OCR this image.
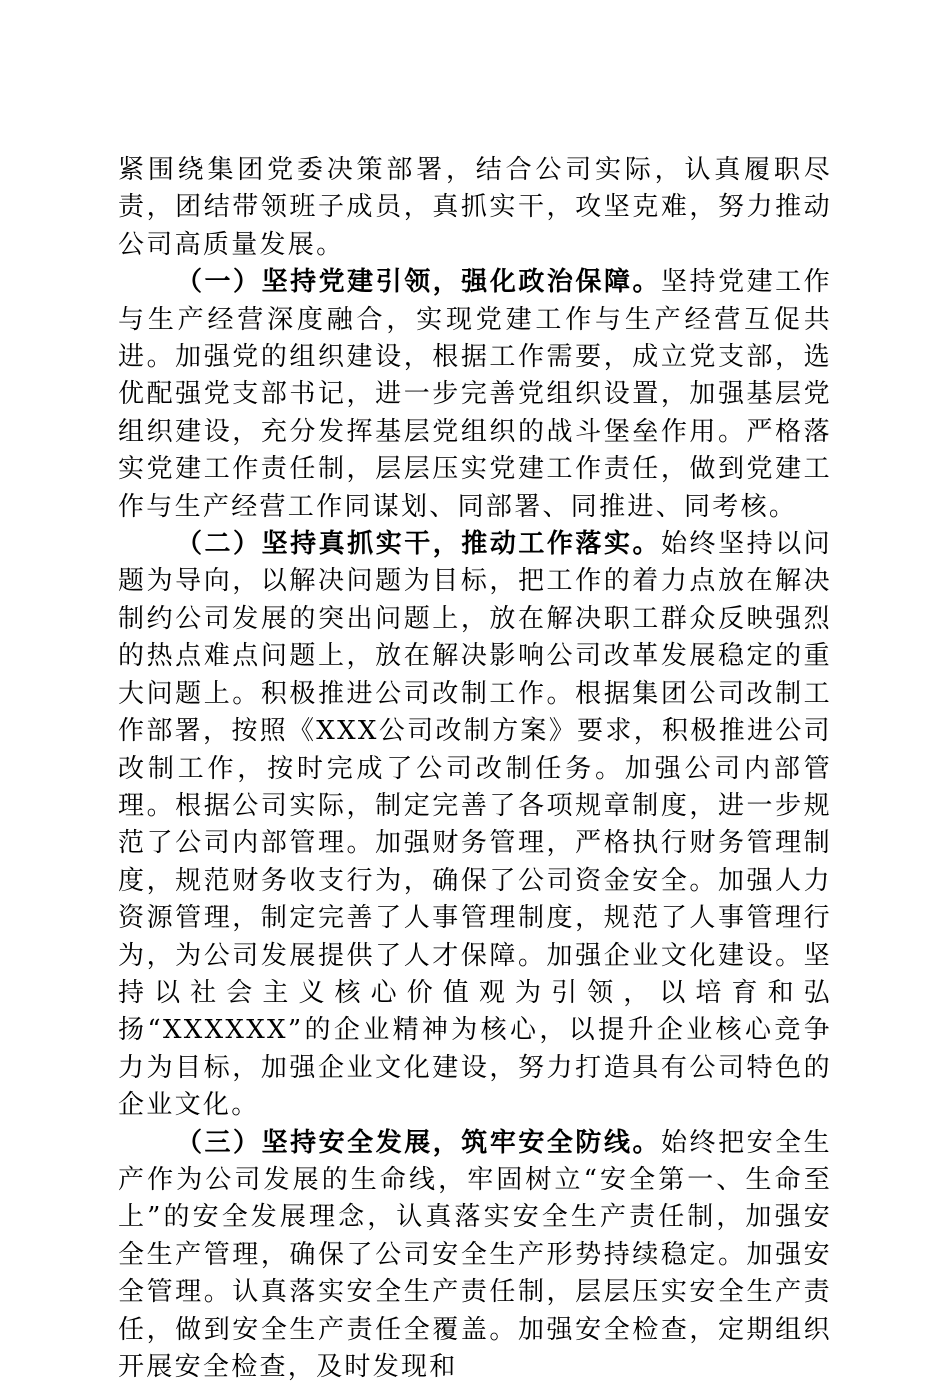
紧围绕集团党委决策部署，结合公司实际，认真履职尽责，团结带领班子成员，真抓实干，攻坚克难，努力推动公司高质量发展。

（一）坚持党建引领，强化政治保障。坚持党建工作与生产经营深度融合，实现党建工作与生产经营互促共进。加强党的组织建设，根据工作需要，成立党支部，选优配强党支部书记，进一步完善党组织设置，加强基层党组织建设，充分发挥基层党组织的战斗堡垒作用。严格落实党建工作责任制，层层压实党建工作责任，做到党建工作与生产经营工作同谋划、同部署、同推进、同考核。

（二）坚持真抓实干，推动工作落实。始终坚持以问题为导向，以解决问题为目标，把工作的着力点放在解决制约公司发展的突出问题上，放在解决职工群众反映强烈的热点难点问题上，放在解决影响公司改革发展稳定的重大问题上。积极推进公司改制工作。根据集团公司改制工作部署，按照《XXX公司改制方案》要求，积极推进公司改制工作，按时完成了公司改制任务。加强公司内部管理。根据公司实际，制定完善了各项规章制度，进一步规范了公司内部管理。加强财务管理，严格执行财务管理制度，规范财务收支行为，确保了公司资金安全。加强人力资源管理，制定完善了人事管理制度，规范了人事管理行为，为公司发展提供了人才保障。加强企业文化建设。坚持以社会主义核心价值观为引领，以培育和弘扬“XXXXXX”的企业精神为核心，以提升企业核心竞争力为目标，加强企业文化建设，努力打造具有公司特色的企业文化。

（三）坚持安全发展，筑牢安全防线。始终把安全生产作为公司发展的生命线，牢固树立“安全第一、生命至上”的安全发展理念，认真落实安全生产责任制，加强安全生产管理，确保了公司安全生产形势持续稳定。加强安全管理。认真落实安全生产责任制，层层压实安全生产责任，做到安全生产责任全覆盖。加强安全检查，定期组织开展安全检查，及时发现和
